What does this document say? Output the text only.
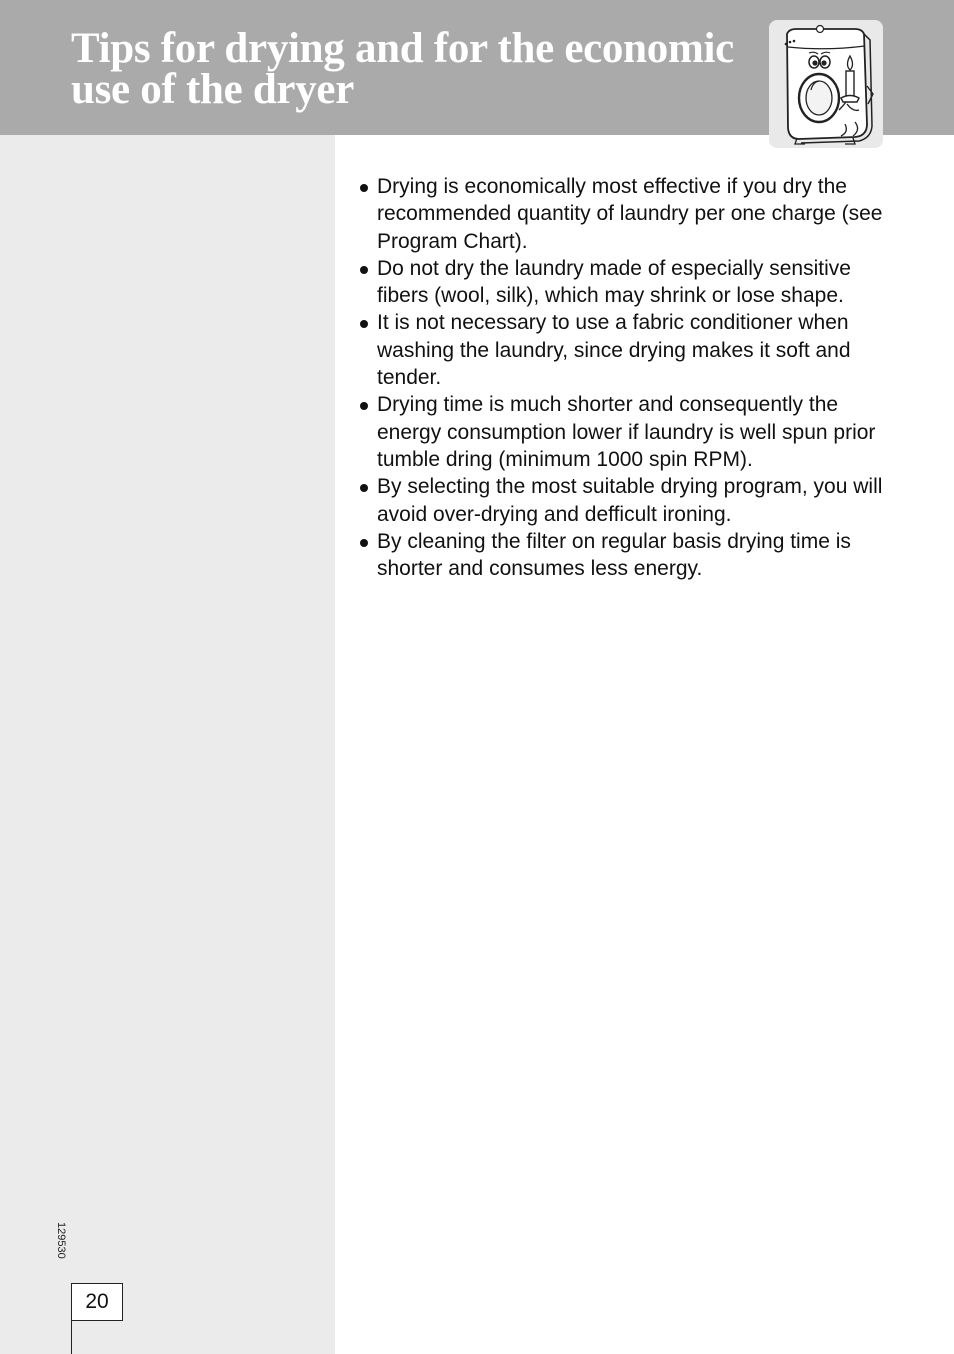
Tips for drying and for the economic
use of the dryer
129530
20
Drying is economically most effective if you dry the recommended quantity of laundry per one charge (see Program Chart).
Do not dry the laundry made of especially sensitive fibers (wool, silk), which may shrink or lose shape.
It is not necessary to use a fabric conditioner when washing the laundry, since drying makes it soft and tender.
Drying time is much shorter and consequently the energy consumption lower if laundry is well spun prior tumble dring (minimum 1000 spin RPM).
By selecting the most suitable drying program, you will avoid over-drying and defficult ironing.
By cleaning the filter on regular basis drying time is shorter and consumes less energy.
